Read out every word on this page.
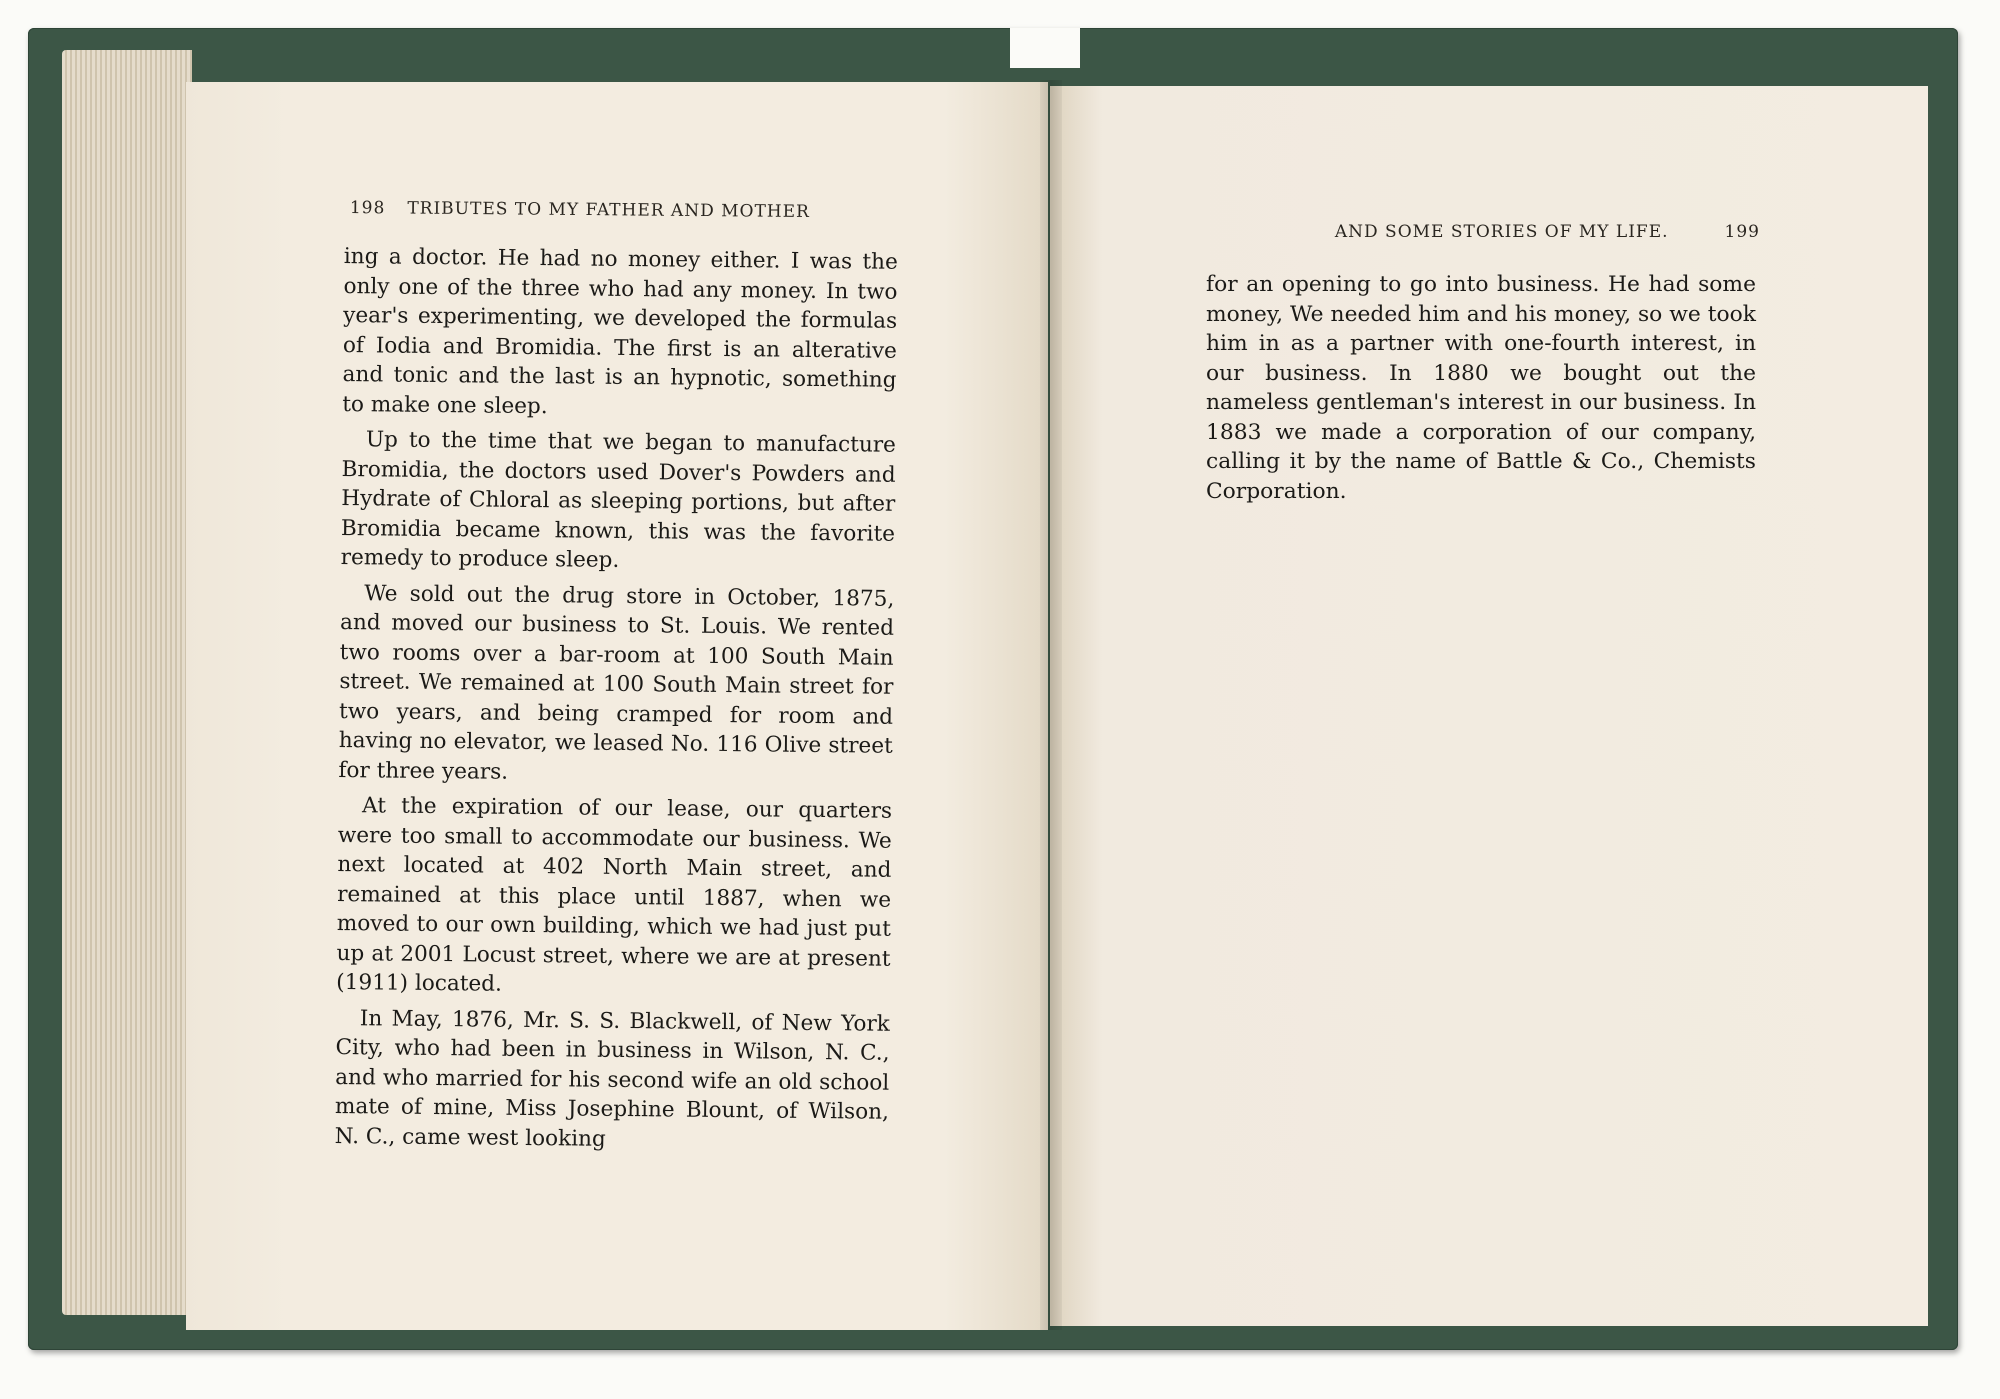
198 TRIBUTES TO MY FATHER AND MOTHER

ing a doctor. He had no money either. I was the only one of the three who had any money. In two year's experimenting, we developed the formulas of Iodia and Bromidia. The first is an alterative and tonic and the last is an hypnotic, something to make one sleep.

Up to the time that we began to manufacture Bromidia, the doctors used Dover's Powders and Hydrate of Chloral as sleeping portions, but after Bromidia became known, this was the favorite remedy to produce sleep.

We sold out the drug store in October, 1875, and moved our business to St. Louis. We rented two rooms over a bar-room at 100 South Main street. We remained at 100 South Main street for two years, and being cramped for room and having no elevator, we leased No. 116 Olive street for three years.

At the expiration of our lease, our quarters were too small to accommodate our business. We next located at 402 North Main street, and remained at this place until 1887, when we moved to our own building, which we had just put up at 2001 Locust street, where we are at present (1911) located.

In May, 1876, Mr. S. S. Blackwell, of New York City, who had been in business in Wilson, N. C., and who married for his second wife an old school mate of mine, Miss Josephine Blount, of Wilson, N. C., came west looking

AND SOME STORIES OF MY LIFE.	199

for an opening to go into business. He had some money, We needed him and his money, so we took him in as a partner with one-fourth interest, in our business. In 1880 we bought out the nameless gentleman's interest in our business. In 1883 we made a corporation of our company, calling it by the name of Battle & Co., Chemists Corporation.
